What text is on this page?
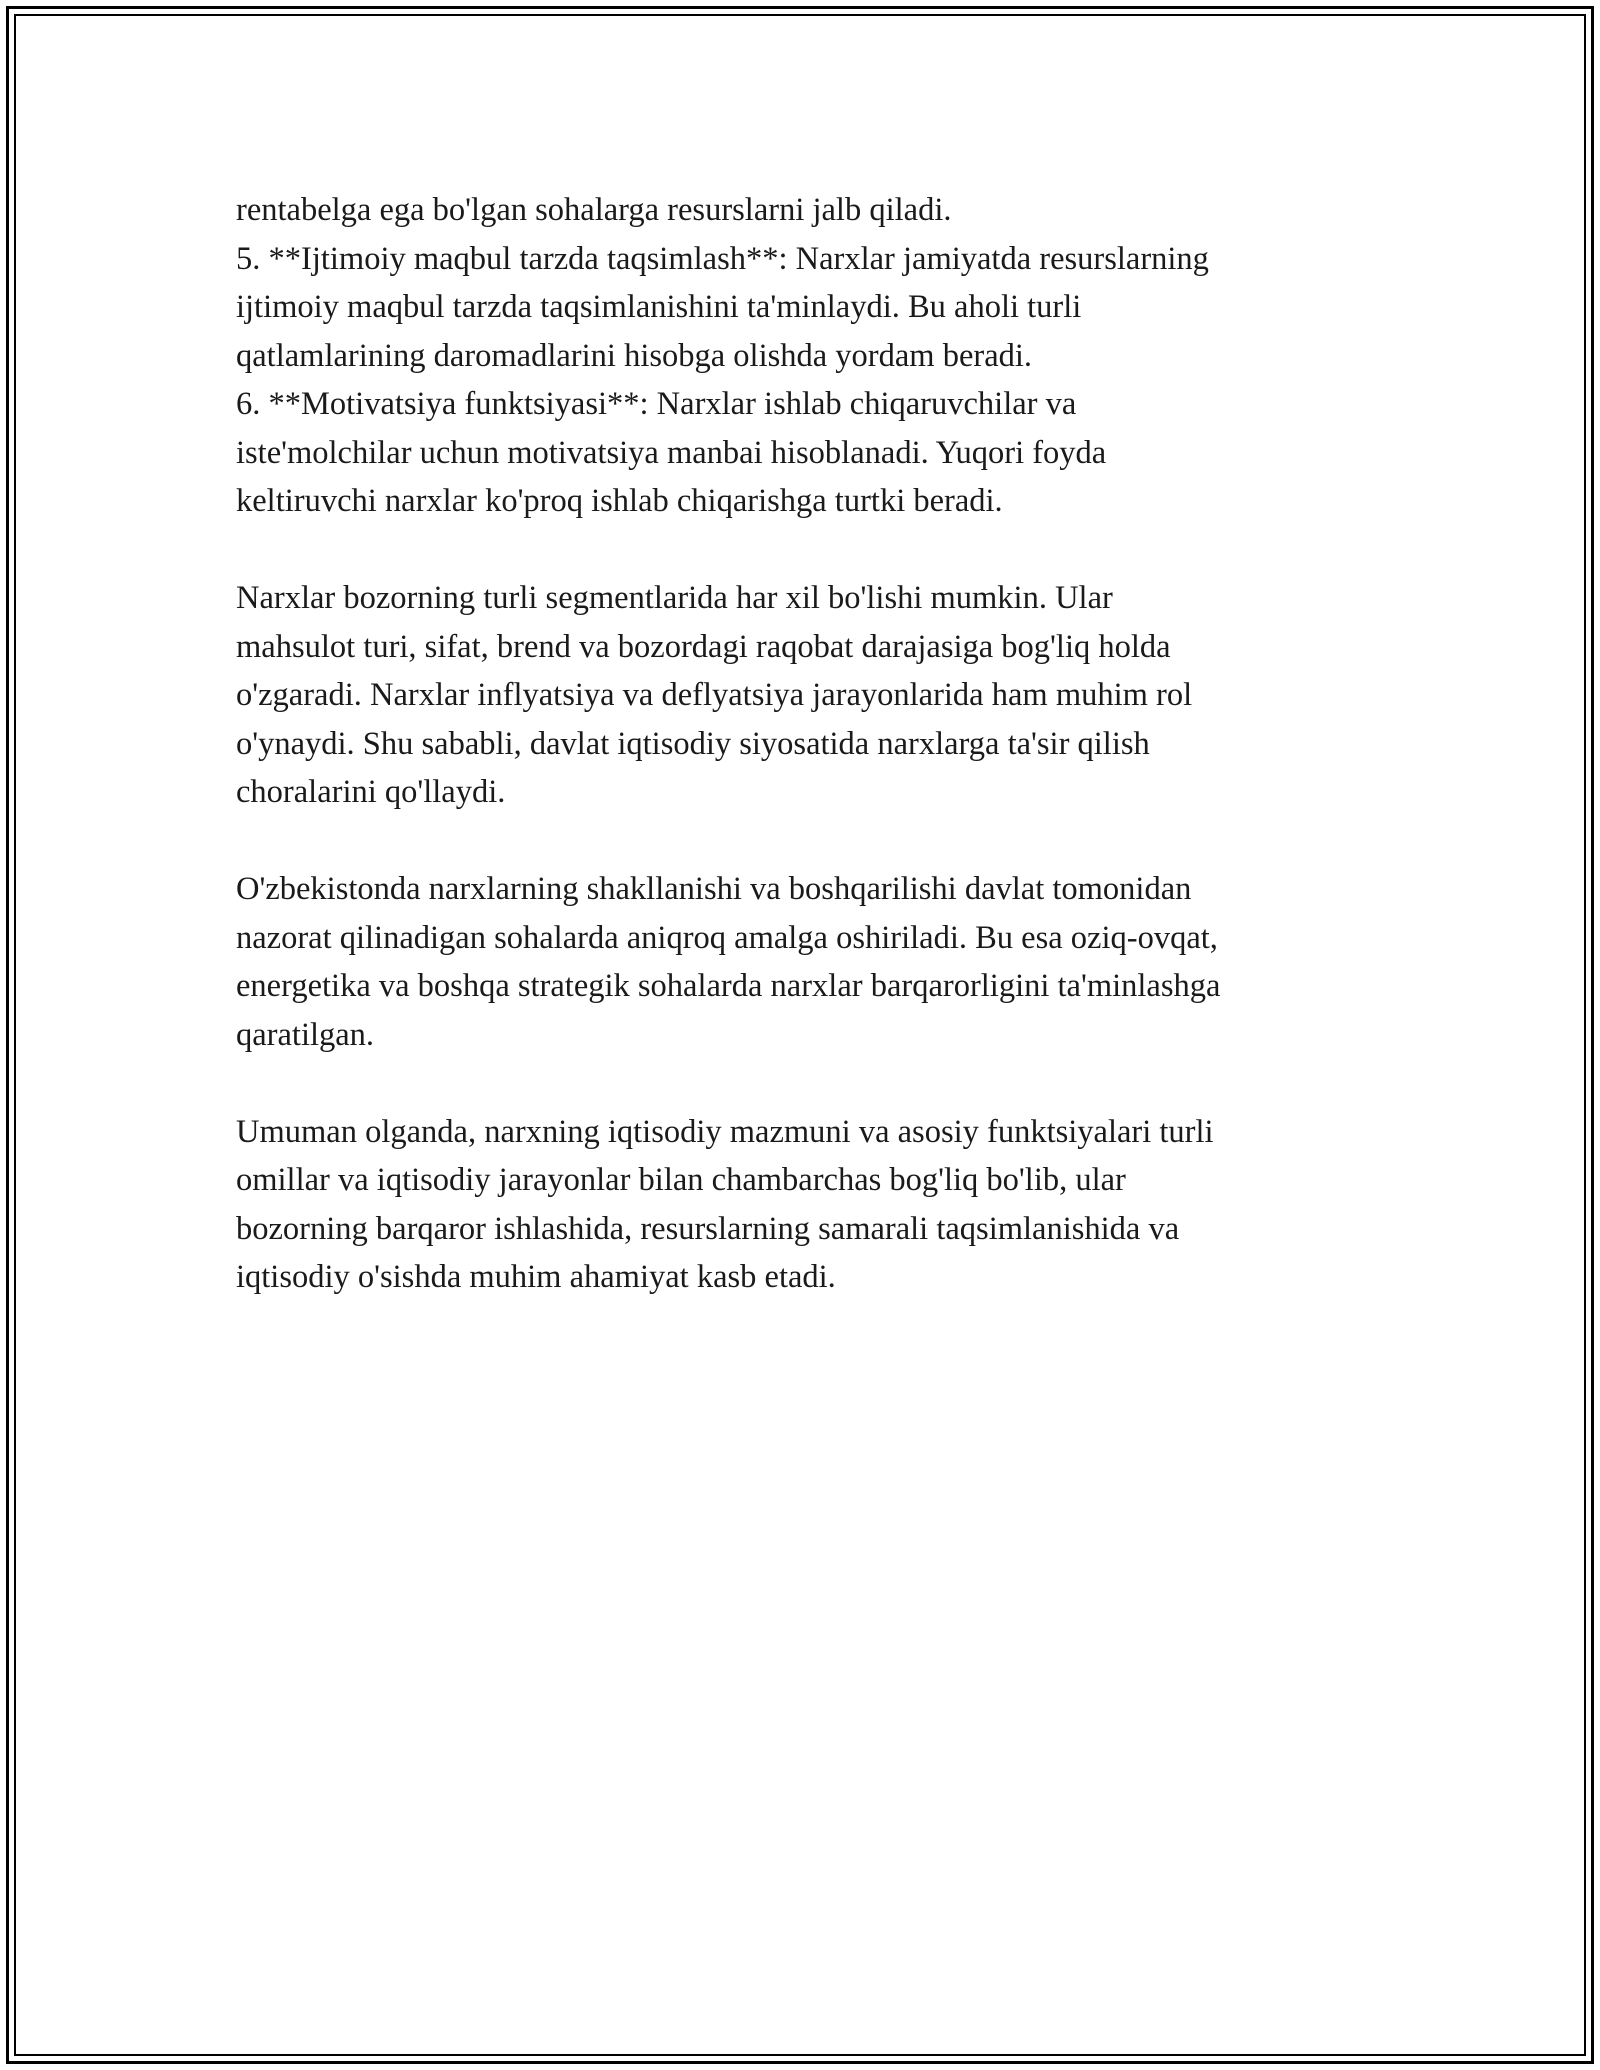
rentabelga ega bo'lgan sohalarga resurslarni jalb qiladi.

5. **Ijtimoiy maqbul tarzda taqsimlash**: Narxlar jamiyatda resurslarning

ijtimoiy maqbul tarzda taqsimlanishini ta'minlaydi. Bu aholi turli

qatlamlarining daromadlarini hisobga olishda yordam beradi.

6. **Motivatsiya funktsiyasi**: Narxlar ishlab chiqaruvchilar va

iste'molchilar uchun motivatsiya manbai hisoblanadi. Yuqori foyda

keltiruvchi narxlar ko'proq ishlab chiqarishga turtki beradi.

Narxlar bozorning turli segmentlarida har xil bo'lishi mumkin. Ular

mahsulot turi, sifat, brend va bozordagi raqobat darajasiga bog'liq holda

o'zgaradi. Narxlar inflyatsiya va deflyatsiya jarayonlarida ham muhim rol

o'ynaydi. Shu sababli, davlat iqtisodiy siyosatida narxlarga ta'sir qilish

choralarini qo'llaydi.

O'zbekistonda narxlarning shakllanishi va boshqarilishi davlat tomonidan

nazorat qilinadigan sohalarda aniqroq amalga oshiriladi. Bu esa oziq-ovqat,

energetika va boshqa strategik sohalarda narxlar barqarorligini ta'minlashga

qaratilgan.

Umuman olganda, narxning iqtisodiy mazmuni va asosiy funktsiyalari turli

omillar va iqtisodiy jarayonlar bilan chambarchas bog'liq bo'lib, ular

bozorning barqaror ishlashida, resurslarning samarali taqsimlanishida va

iqtisodiy o'sishda muhim ahamiyat kasb etadi.
